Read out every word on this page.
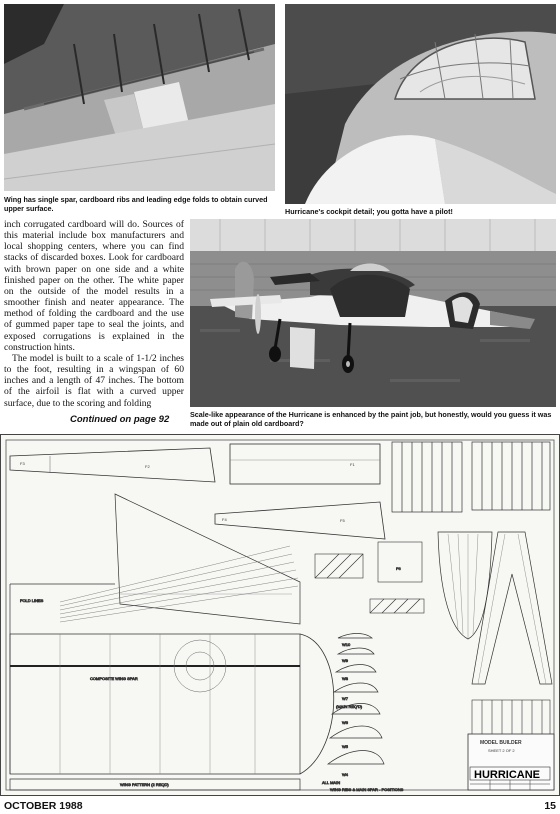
Wing has single spar, cardboard ribs and leading edge folds to obtain curved upper surface.	Hurricane's cockpit detail; you gotta have a pilot!
Scale-like appearance of the Hurricane is enhanced by the paint job, but honestly, would you guess it was made out of plain old cardboard?

inch corrugated cardboard will do. Sources of this material include box manufacturers and local shopping centers, where you can find stacks of discarded boxes. Look for cardboard with brown paper on one side and a white finished paper on the other. The white paper on the outside of the model results in a smoother finish and neater appearance. The method of folding the cardboard and the use of gummed paper tape to seal the joints, and exposed corrugations is explained in the construction hints.

The model is built to a scale of 1-1/2 inches to the foot, resulting in a wingspan of 60 inches and a length of 47 inches. The bottom of the airfoil is flat with a curved upper surface, due to the scoring and folding

Continued on page 92
F3
F2	F1
F4	F5
FOLD LINES
COMPOSITE WING SPAR
WING PATTERN (2 REQD)
F6
W10
W9
W8
W7
W6
W5
W4
(MAIN REQ'D)
ALL MAIN
WING RIBS & MAIN SPAR - POSITIONS
MODEL BUILDER
SHEET 2 OF 2
HURRICANE
OCTOBER 1988	15
